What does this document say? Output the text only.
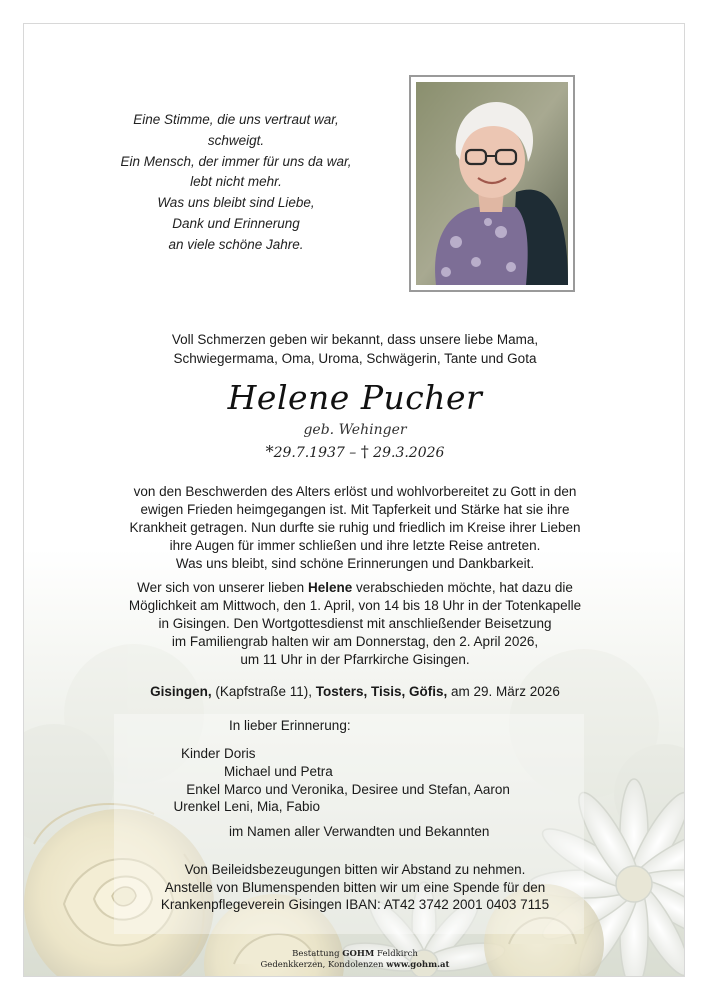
Eine Stimme, die uns vertraut war,
schweigt.
Ein Mensch, der immer für uns da war,
lebt nicht mehr.
Was uns bleibt sind Liebe,
Dank und Erinnerung
an viele schöne Jahre.
Voll Schmerzen geben wir bekannt, dass unsere liebe Mama,
Schwiegermama, Oma, Uroma, Schwägerin, Tante und Gota
Helene Pucher
geb. Wehinger
*29.7.1937 – † 29.3.2026
von den Beschwerden des Alters erlöst und wohlvorbereitet zu Gott in den
ewigen Frieden heimgegangen ist. Mit Tapferkeit und Stärke hat sie ihre
Krankheit getragen. Nun durfte sie ruhig und friedlich im Kreise ihrer Lieben
ihre Augen für immer schließen und ihre letzte Reise antreten.
Was uns bleibt, sind schöne Erinnerungen und Dankbarkeit.
Wer sich von unserer lieben Helene verabschieden möchte, hat dazu die
Möglichkeit am Mittwoch, den 1. April, von 14 bis 18 Uhr in der Totenkapelle
in Gisingen. Den Wortgottesdienst mit anschließender Beisetzung
im Familiengrab halten wir am Donnerstag, den 2. April 2026,
um 11 Uhr in der Pfarrkirche Gisingen.
Gisingen, (Kapfstraße 11), Tosters, Tisis, Göfis, am 29. März 2026
In lieber Erinnerung:
Kinder Doris
Michael und Petra
Enkel Marco und Veronika, Desiree und Stefan, Aaron
Urenkel Leni, Mia, Fabio
im Namen aller Verwandten und Bekannten
Von Beileidsbezeugungen bitten wir Abstand zu nehmen.
Anstelle von Blumenspenden bitten wir um eine Spende für den
Krankenpflegeverein Gisingen IBAN: AT42 3742 2001 0403 7115
Bestattung GOHM Feldkirch
Gedenkkerzen, Kondolenzen www.gohm.at
